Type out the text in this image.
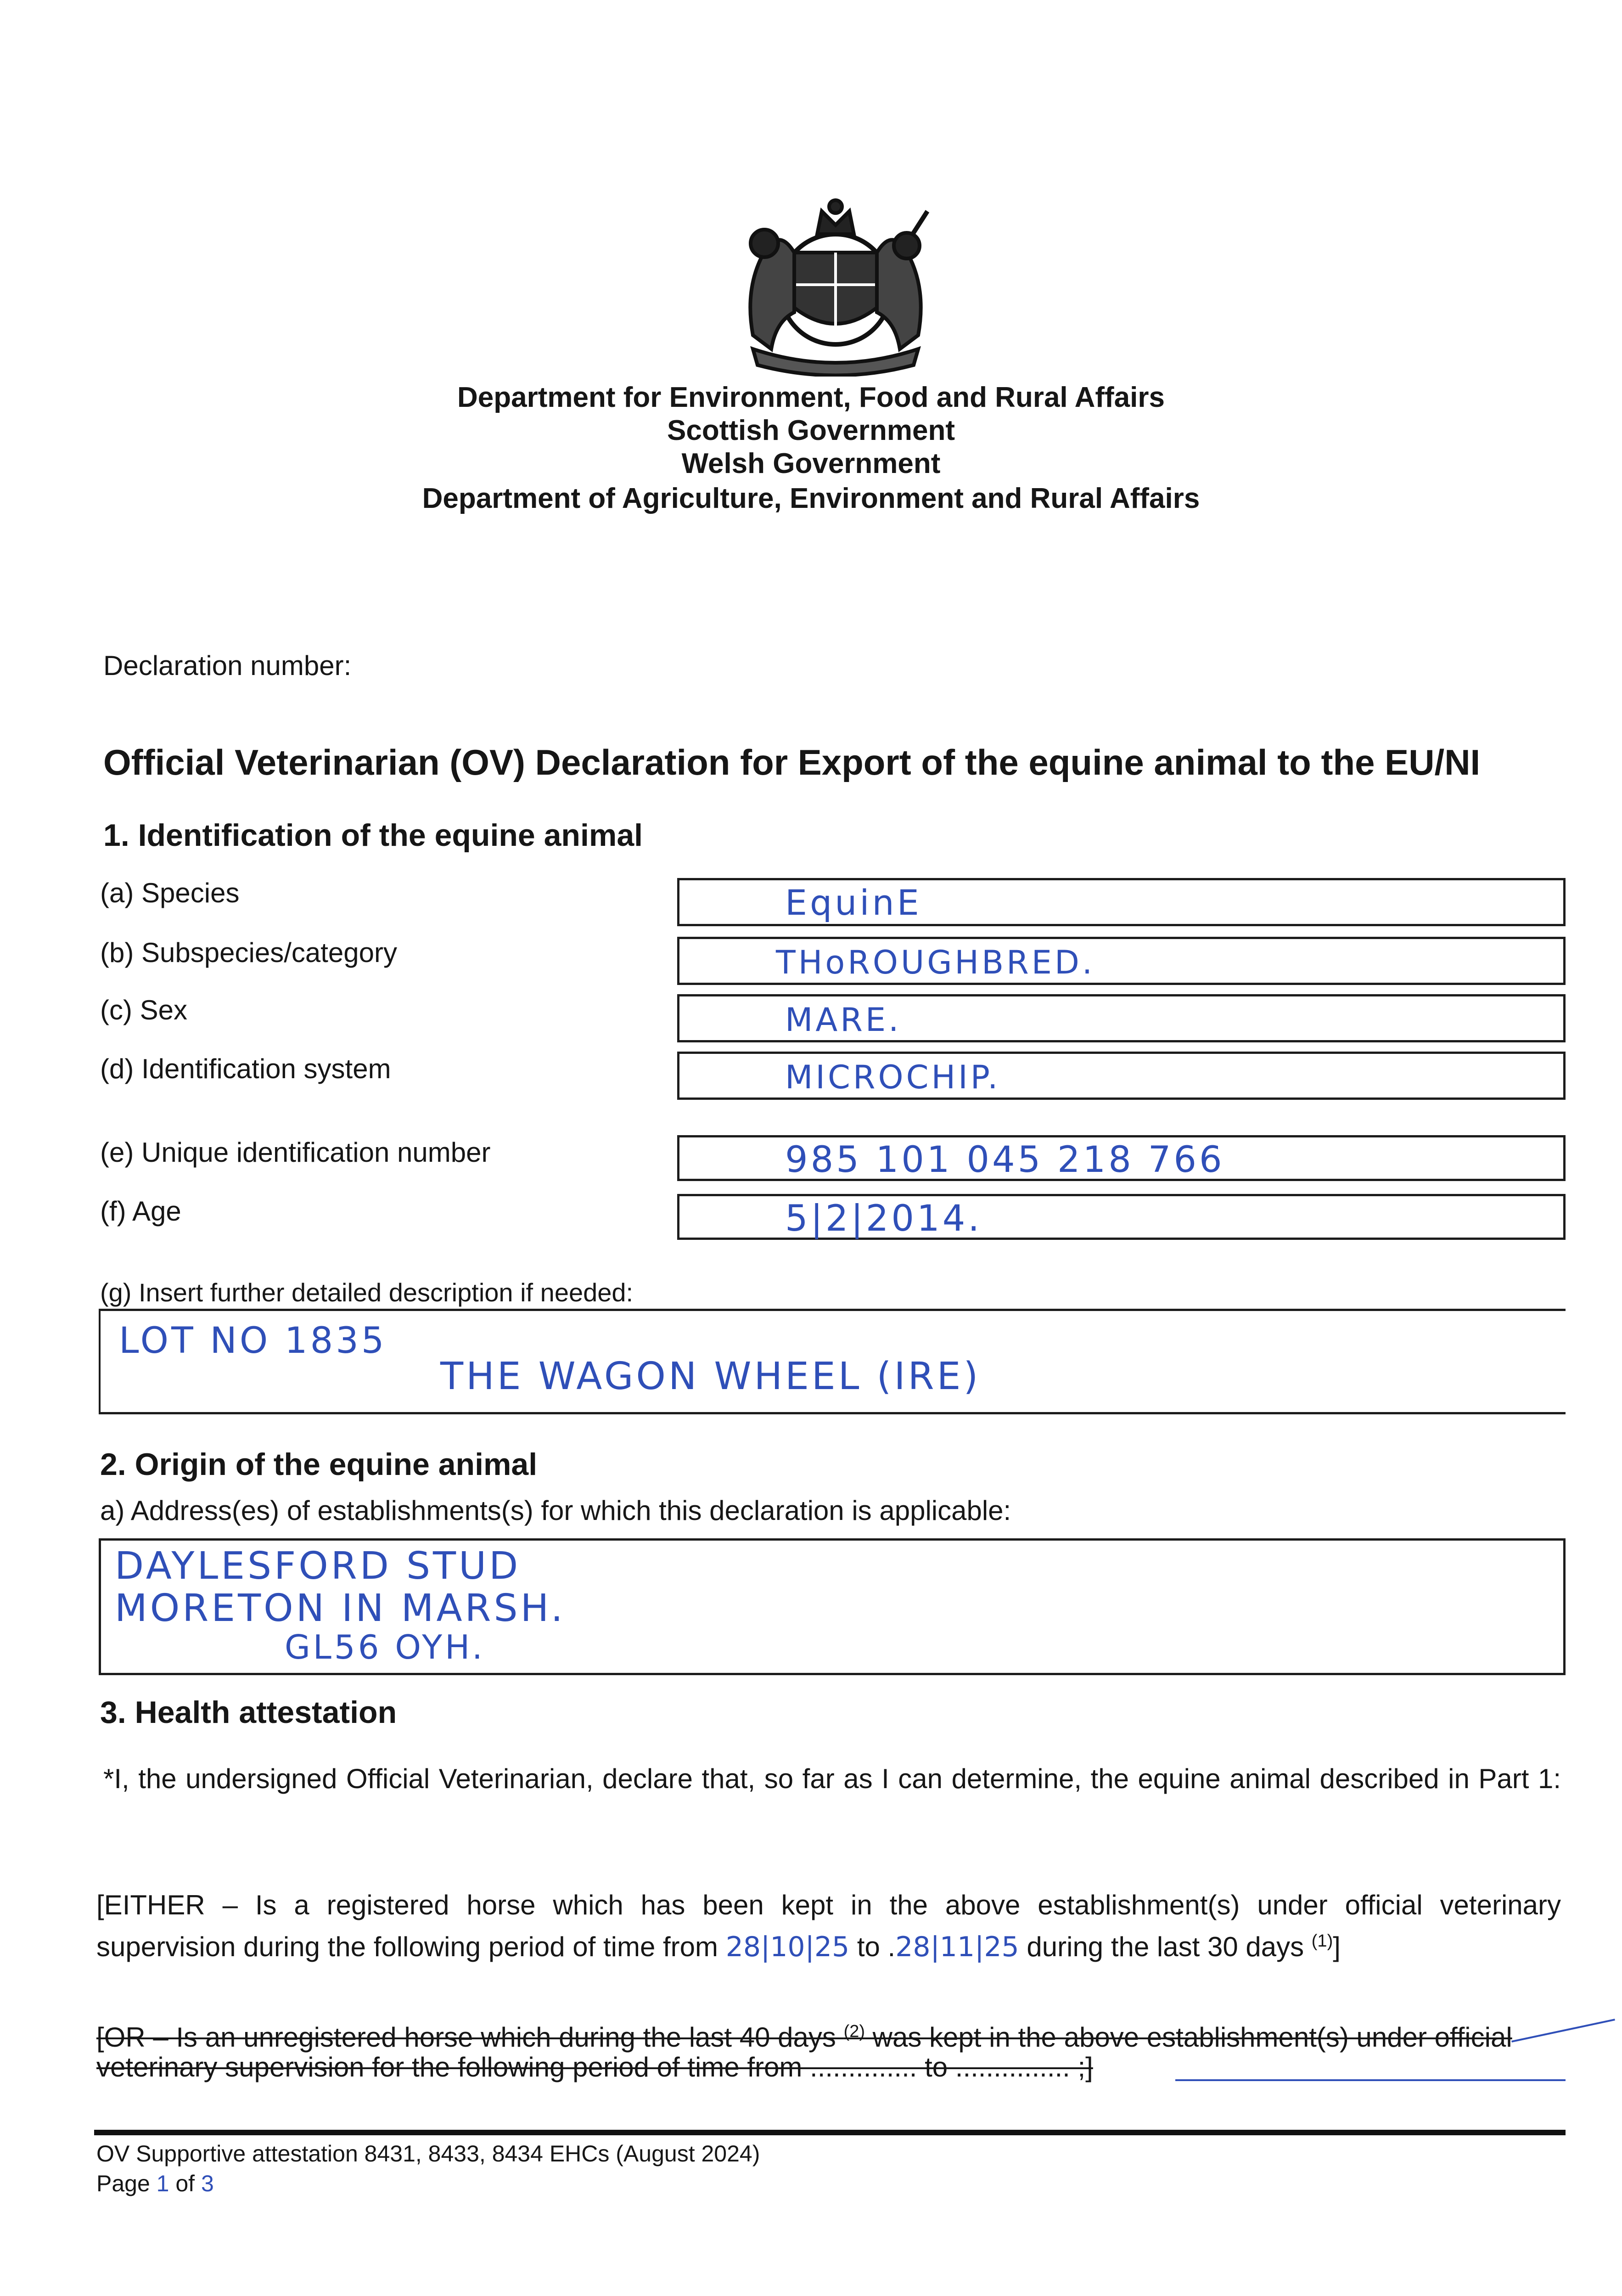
Department for Environment, Food and Rural Affairs
Scottish Government
Welsh Government
Department of Agriculture, Environment and Rural Affairs
Declaration number:
Official Veterinarian (OV) Declaration for Export of the equine animal to the EU/NI
1. Identification of the equine animal
(a) Species	EquinE
(b) Subspecies/category	THoROUGHBRED.
(c) Sex	MARE.
(d) Identification system	MICROCHIP.
(e) Unique identification number	985 101 045 218 766
(f) Age	5|2|2014.
(g) Insert further detailed description if needed:
LOT NO 1835
THE WAGON WHEEL (IRE)
2. Origin of the equine animal
a) Address(es) of establishments(s) for which this declaration is applicable:
DAYLESFORD STUD
MORETON IN MARSH.
GL56 OYH.
3. Health attestation
*I, the undersigned Official Veterinarian, declare that, so far as I can determine, the equine animal described in Part 1:
[EITHER – Is a registered horse which has been kept in the above establishment(s) under official veterinary
supervision during the following period of time from 28|10|25 to .28|11|25 during the last 30 days $^{(1)}$]
[OR – Is an unregistered horse which during the last 40 days $^{(2)}$ was kept in the above establishment(s) under official
veterinary supervision for the following period of time from .............. to ............... ;]
OV Supportive attestation 8431, 8433, 8434 EHCs (August 2024)
Page 1 of 3
